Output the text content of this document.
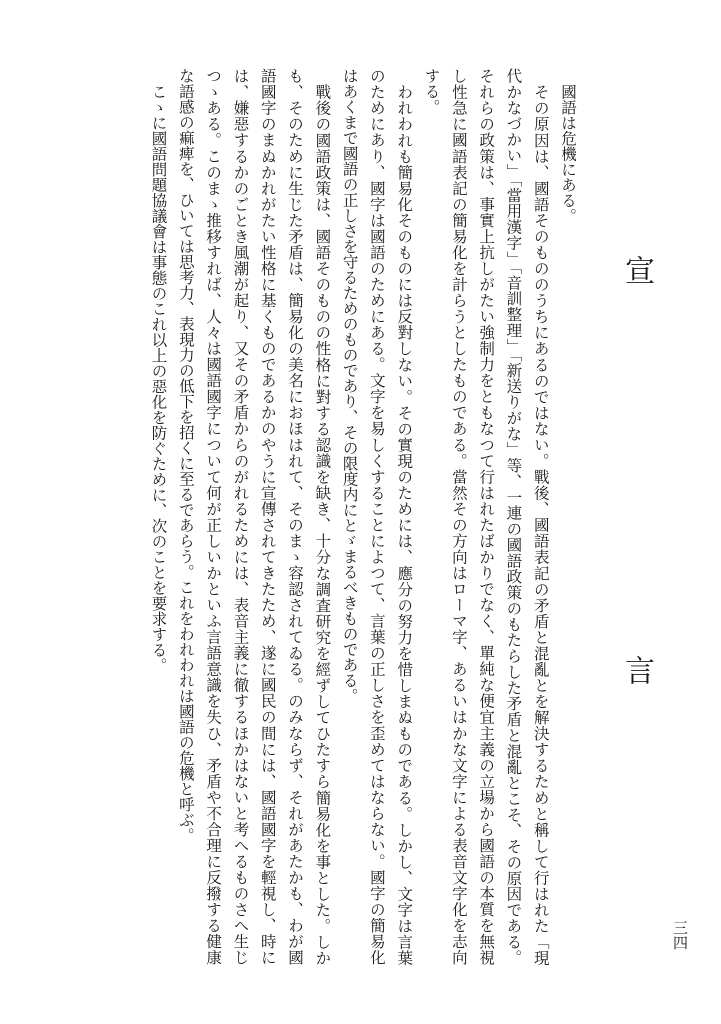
宣　言
國語は危機にある。
その原因は、國語そのもののうちにあるのではない。戰後、國語表記の矛盾と混亂とを解決するためと稱して行はれた「現
代かなづかい」「當用漢字」「音訓整理」「新送りがな」等、一連の國語政策のもたらした矛盾と混亂とこそ、その原因である。
それらの政策は、事實上抗しがたい強制力をともなつて行はれたばかりでなく、單純な便宜主義の立場から國語の本質を無視
し性急に國語表記の簡易化を計らうとしたものである。當然その方向はローマ字、あるいはかな文字による表音文字化を志向
する。
われわれも簡易化そのものには反對しない。その實現のためには、應分の努力を惜しまぬものである。しかし、文字は言葉
のためにあり、國字は國語のためにある。文字を易しくすることによつて、言葉の正しさを歪めてはならない。國字の簡易化
はあくまで國語の正しさを守るためのものであり、その限度内にとゞまるべきものである。
戰後の國語政策は、國語そのものの性格に對する認識を缺き、十分な調査研究を經ずしてひたすら簡易化を事とした。しか
も、そのために生じた矛盾は、簡易化の美名におほはれて、そのまゝ容認されてゐる。のみならず、それがあたかも、わが國
語國字のまぬかれがたい性格に基くものであるかのやうに宣傳されてきたため、遂に國民の間には、國語國字を輕視し、時に
は、嫌惡するかのごとき風潮が起り、又その矛盾からのがれるためには、表音主義に徹するほかはないと考へるものさへ生じ
つゝある。このまゝ推移すれば、人々は國語國字について何が正しいかといふ言語意識を失ひ、矛盾や不合理に反撥する健康
な語感の痲痺を、ひいては思考力、表現力の低下を招くに至るであらう。これをわれわれは國語の危機と呼ぶ。
こゝに國語問題協議會は事態のこれ以上の惡化を防ぐために、次のことを要求する。
三四
